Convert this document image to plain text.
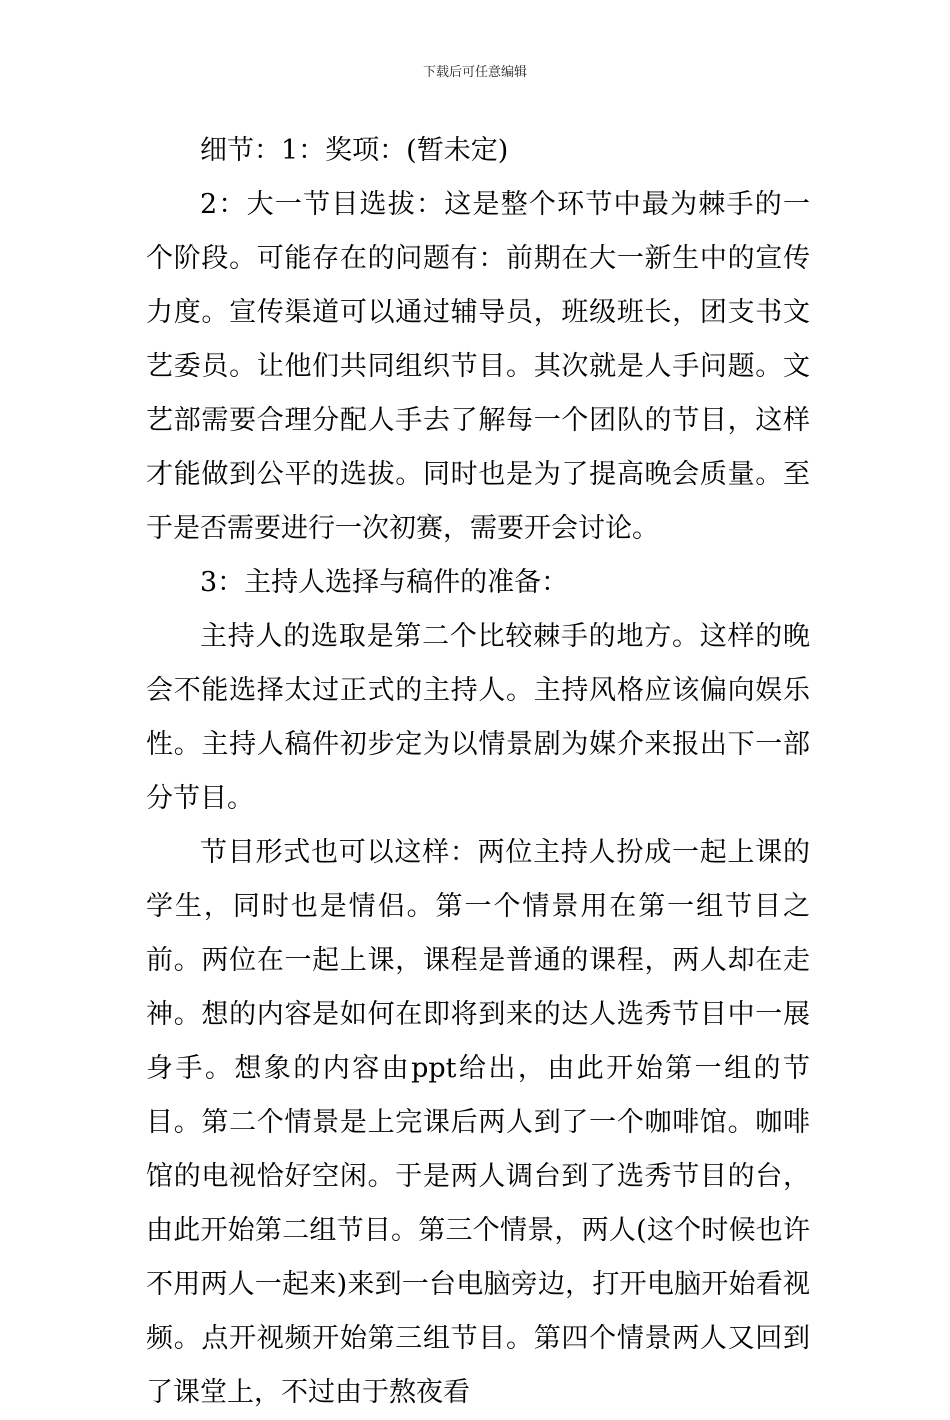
下载后可任意编辑

细节：1：奖项：(暂未定)

2：大一节目选拔：这是整个环节中最为棘手的一个阶段。可能存在的问题有：前期在大一新生中的宣传力度。宣传渠道可以通过辅导员，班级班长，团支书文艺委员。让他们共同组织节目。其次就是人手问题。文艺部需要合理分配人手去了解每一个团队的节目，这样才能做到公平的选拔。同时也是为了提高晚会质量。至于是否需要进行一次初赛，需要开会讨论。

3：主持人选择与稿件的准备：

主持人的选取是第二个比较棘手的地方。这样的晚会不能选择太过正式的主持人。主持风格应该偏向娱乐性。主持人稿件初步定为以情景剧为媒介来报出下一部分节目。

节目形式也可以这样：两位主持人扮成一起上课的学生，同时也是情侣。第一个情景用在第一组节目之前。两位在一起上课，课程是普通的课程，两人却在走神。想的内容是如何在即将到来的达人选秀节目中一展身手。想象的内容由ppt给出，由此开始第一组的节目。第二个情景是上完课后两人到了一个咖啡馆。咖啡馆的电视恰好空闲。于是两人调台到了选秀节目的台，由此开始第二组节目。第三个情景，两人(这个时候也许不用两人一起来)来到一台电脑旁边，打开电脑开始看视频。点开视频开始第三组节目。第四个情景两人又回到了课堂上，不过由于熬夜看
